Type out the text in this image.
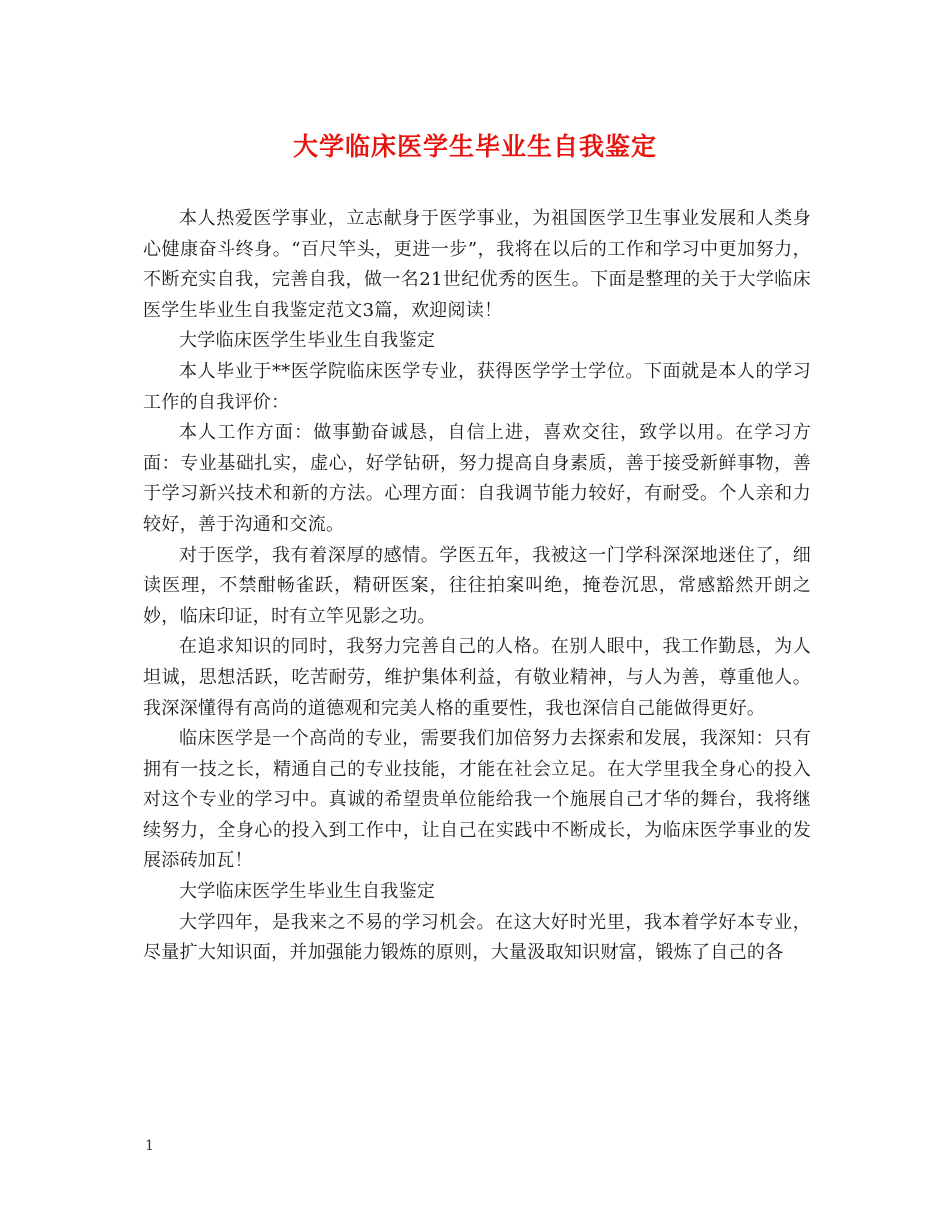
大学临床医学生毕业生自我鉴定

本人热爱医学事业，立志献身于医学事业，为祖国医学卫生事业发展和人类身心健康奋斗终身。“百尺竿头，更进一步”，我将在以后的工作和学习中更加努力，不断充实自我，完善自我，做一名21世纪优秀的医生。下面是整理的关于大学临床医学生毕业生自我鉴定范文3篇，欢迎阅读！

大学临床医学生毕业生自我鉴定

本人毕业于**医学院临床医学专业，获得医学学士学位。下面就是本人的学习工作的自我评价：

本人工作方面：做事勤奋诚恳，自信上进，喜欢交往，致学以用。在学习方面：专业基础扎实，虚心，好学钻研，努力提高自身素质，善于接受新鲜事物，善于学习新兴技术和新的方法。心理方面：自我调节能力较好，有耐受。个人亲和力较好，善于沟通和交流。

对于医学，我有着深厚的感情。学医五年，我被这一门学科深深地迷住了，细读医理，不禁酣畅雀跃，精研医案，往往拍案叫绝，掩卷沉思，常感豁然开朗之妙，临床印证，时有立竿见影之功。

在追求知识的同时，我努力完善自己的人格。在别人眼中，我工作勤恳，为人坦诚，思想活跃，吃苦耐劳，维护集体利益，有敬业精神，与人为善，尊重他人。我深深懂得有高尚的道德观和完美人格的重要性，我也深信自己能做得更好。

临床医学是一个高尚的专业，需要我们加倍努力去探索和发展，我深知：只有拥有一技之长，精通自己的专业技能，才能在社会立足。在大学里我全身心的投入对这个专业的学习中。真诚的希望贵单位能给我一个施展自己才华的舞台，我将继续努力，全身心的投入到工作中，让自己在实践中不断成长，为临床医学事业的发展添砖加瓦！

大学临床医学生毕业生自我鉴定

大学四年，是我来之不易的学习机会。在这大好时光里，我本着学好本专业，尽量扩大知识面，并加强能力锻炼的原则，大量汲取知识财富，锻炼了自己的各

1
